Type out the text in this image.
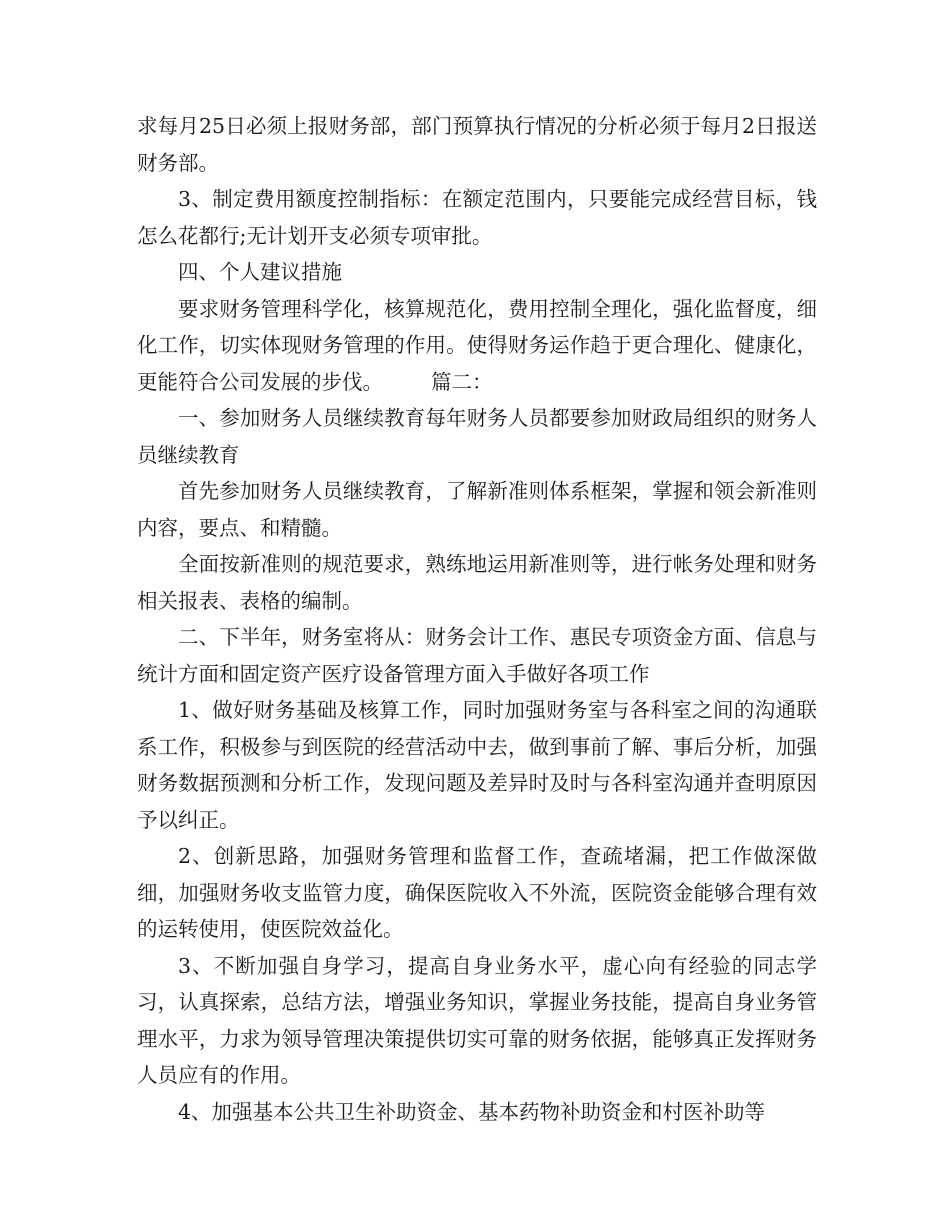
求每月25日必须上报财务部，部门预算执行情况的分析必须于每月2日报送财务部。

3、制定费用额度控制指标：在额定范围内，只要能完成经营目标，钱怎么花都行;无计划开支必须专项审批。

四、个人建议措施

要求财务管理科学化，核算规范化，费用控制全理化，强化监督度，细化工作，切实体现财务管理的作用。使得财务运作趋于更合理化、健康化，更能符合公司发展的步伐。 篇二：

一、参加财务人员继续教育每年财务人员都要参加财政局组织的财务人员继续教育

首先参加财务人员继续教育，了解新准则体系框架，掌握和领会新准则内容，要点、和精髓。

全面按新准则的规范要求，熟练地运用新准则等，进行帐务处理和财务相关报表、表格的编制。

二、下半年，财务室将从：财务会计工作、惠民专项资金方面、信息与统计方面和固定资产医疗设备管理方面入手做好各项工作

1、做好财务基础及核算工作，同时加强财务室与各科室之间的沟通联系工作，积极参与到医院的经营活动中去，做到事前了解、事后分析，加强财务数据预测和分析工作，发现问题及差异时及时与各科室沟通并查明原因予以纠正。

2、创新思路，加强财务管理和监督工作，查疏堵漏，把工作做深做细，加强财务收支监管力度，确保医院收入不外流，医院资金能够合理有效的运转使用，使医院效益化。

3、不断加强自身学习，提高自身业务水平，虚心向有经验的同志学习，认真探索，总结方法，增强业务知识，掌握业务技能，提高自身业务管理水平，力求为领导管理决策提供切实可靠的财务依据，能够真正发挥财务人员应有的作用。

4、加强基本公共卫生补助资金、基本药物补助资金和村医补助等
